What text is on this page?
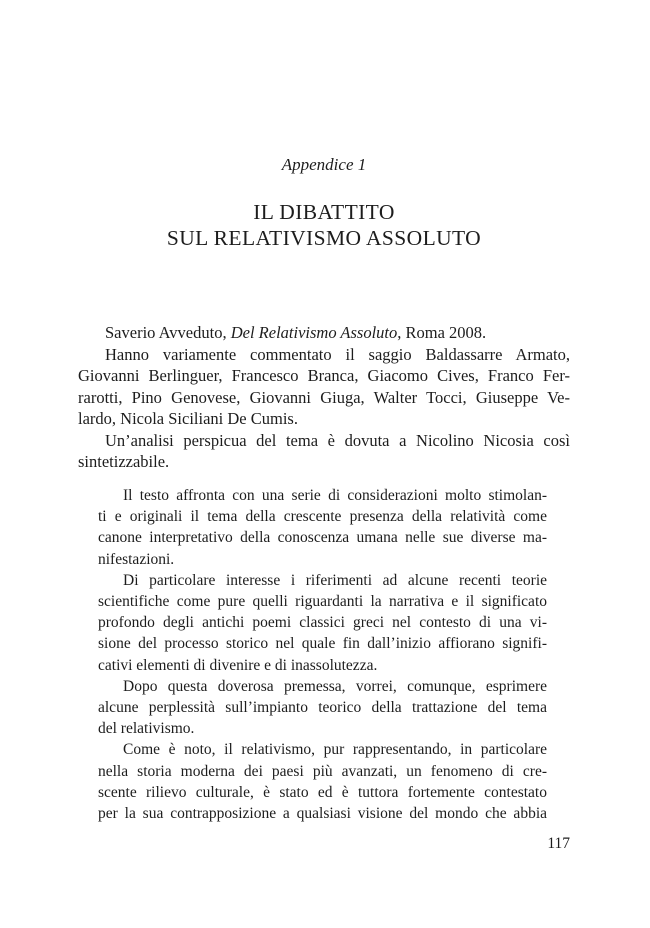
Appendice 1
IL DIBATTITO
SUL RELATIVISMO ASSOLUTO
Saverio Avveduto, Del Relativismo Assoluto, Roma 2008.
Hanno variamente commentato il saggio Baldassarre Armato,
Giovanni Berlinguer, Francesco Branca, Giacomo Cives, Franco Fer-
rarotti, Pino Genovese, Giovanni Giuga, Walter Tocci, Giuseppe Ve-
lardo, Nicola Siciliani De Cumis.
Un’analisi perspicua del tema è dovuta a Nicolino Nicosia così
sintetizzabile.
Il testo affronta con una serie di considerazioni molto stimolan-
ti e originali il tema della crescente presenza della relatività come
canone interpretativo della conoscenza umana nelle sue diverse ma-
nifestazioni.
Di particolare interesse i riferimenti ad alcune recenti teorie
scientifiche come pure quelli riguardanti la narrativa e il significato
profondo degli antichi poemi classici greci nel contesto di una vi-
sione del processo storico nel quale fin dall’inizio affiorano signifi-
cativi elementi di divenire e di inassolutezza.
Dopo questa doverosa premessa, vorrei, comunque, esprimere
alcune perplessità sull’impianto teorico della trattazione del tema
del relativismo.
Come è noto, il relativismo, pur rappresentando, in particolare
nella storia moderna dei paesi più avanzati, un fenomeno di cre-
scente rilievo culturale, è stato ed è tuttora fortemente contestato
per la sua contrapposizione a qualsiasi visione del mondo che abbia
117
